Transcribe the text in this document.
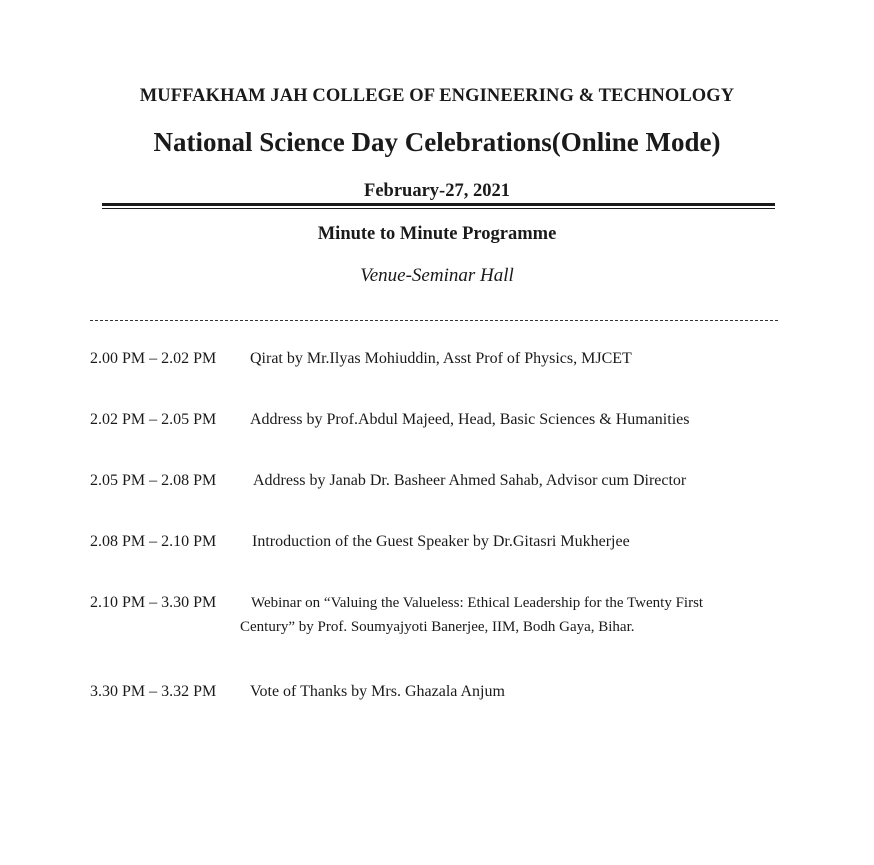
MUFFAKHAM JAH COLLEGE OF ENGINEERING & TECHNOLOGY
National Science Day Celebrations(Online Mode)
February-27, 2021
Minute to Minute Programme
Venue-Seminar Hall
2.00 PM – 2.02 PM Qirat by Mr.Ilyas Mohiuddin, Asst Prof of Physics, MJCET
2.02 PM – 2.05 PM Address by Prof.Abdul Majeed, Head, Basic Sciences & Humanities
2.05 PM – 2.08 PM Address by Janab Dr. Basheer Ahmed Sahab, Advisor cum Director
2.08 PM – 2.10 PM Introduction of the Guest Speaker by Dr.Gitasri Mukherjee
2.10 PM – 3.30 PM Webinar on “Valuing the Valueless: Ethical Leadership for the Twenty First
Century” by Prof. Soumyajyoti Banerjee, IIM, Bodh Gaya, Bihar.
3.30 PM – 3.32 PM Vote of Thanks by Mrs. Ghazala Anjum
